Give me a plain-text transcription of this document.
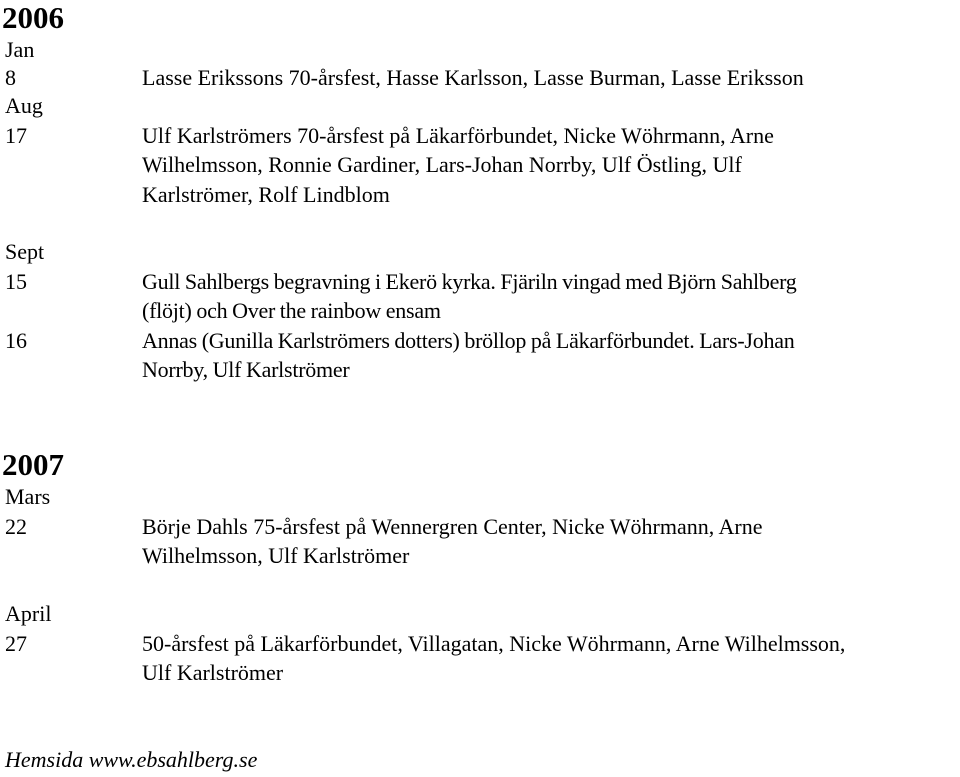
2006
Jan
8	Lasse Erikssons 70-årsfest, Hasse Karlsson, Lasse Burman, Lasse Eriksson
Aug
17	Ulf Karlströmers 70-årsfest på Läkarförbundet, Nicke Wöhrmann, Arne
Wilhelmsson, Ronnie Gardiner, Lars-Johan Norrby, Ulf Östling, Ulf
Karlströmer, Rolf Lindblom
Sept
15	Gull Sahlbergs begravning i Ekerö kyrka. Fjäriln vingad med Björn Sahlberg
(flöjt) och Over the rainbow ensam
16	Annas (Gunilla Karlströmers dotters) bröllop på Läkarförbundet. Lars-Johan
Norrby, Ulf Karlströmer
2007
Mars
22	Börje Dahls 75-årsfest på Wennergren Center, Nicke Wöhrmann, Arne
Wilhelmsson, Ulf Karlströmer
April
27	50-årsfest på Läkarförbundet, Villagatan, Nicke Wöhrmann, Arne Wilhelmsson,
Ulf Karlströmer
Hemsida www.ebsahlberg.se
